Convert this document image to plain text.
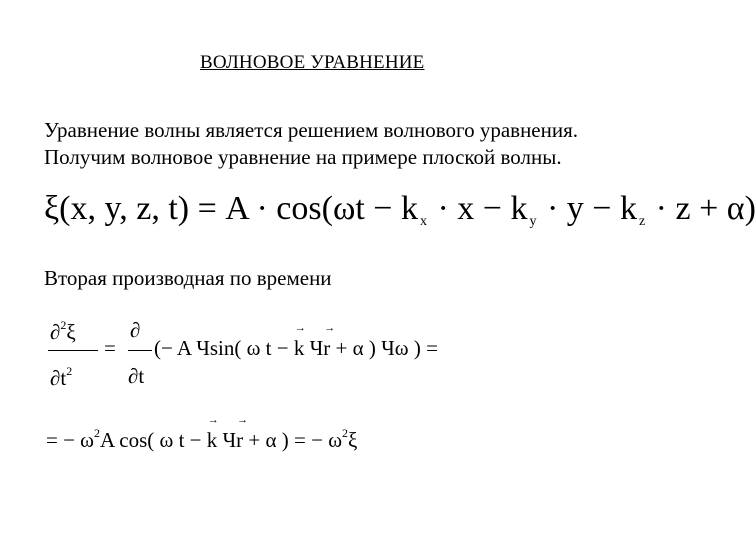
ВОЛНОВОЕ УРАВНЕНИЕ
Уравнение волны является решением волнового уравнения.
Получим волновое уравнение на примере плоской волны.
ξ(x, y, z, t) = A · cos(ωt − k $_x$ · x − k $_y$ · y − k $_z$ · z + α)
Вторая производная по времени
∂$^2$ξ
$\partial t^2$
=
∂
∂t
(− A Чsin( ω t − → k Ч→ r + α ) Чω ) =
= − $\omega^2A$ cos( ω t − → k Ч→ r + α ) = − $\omega^2\xi$
